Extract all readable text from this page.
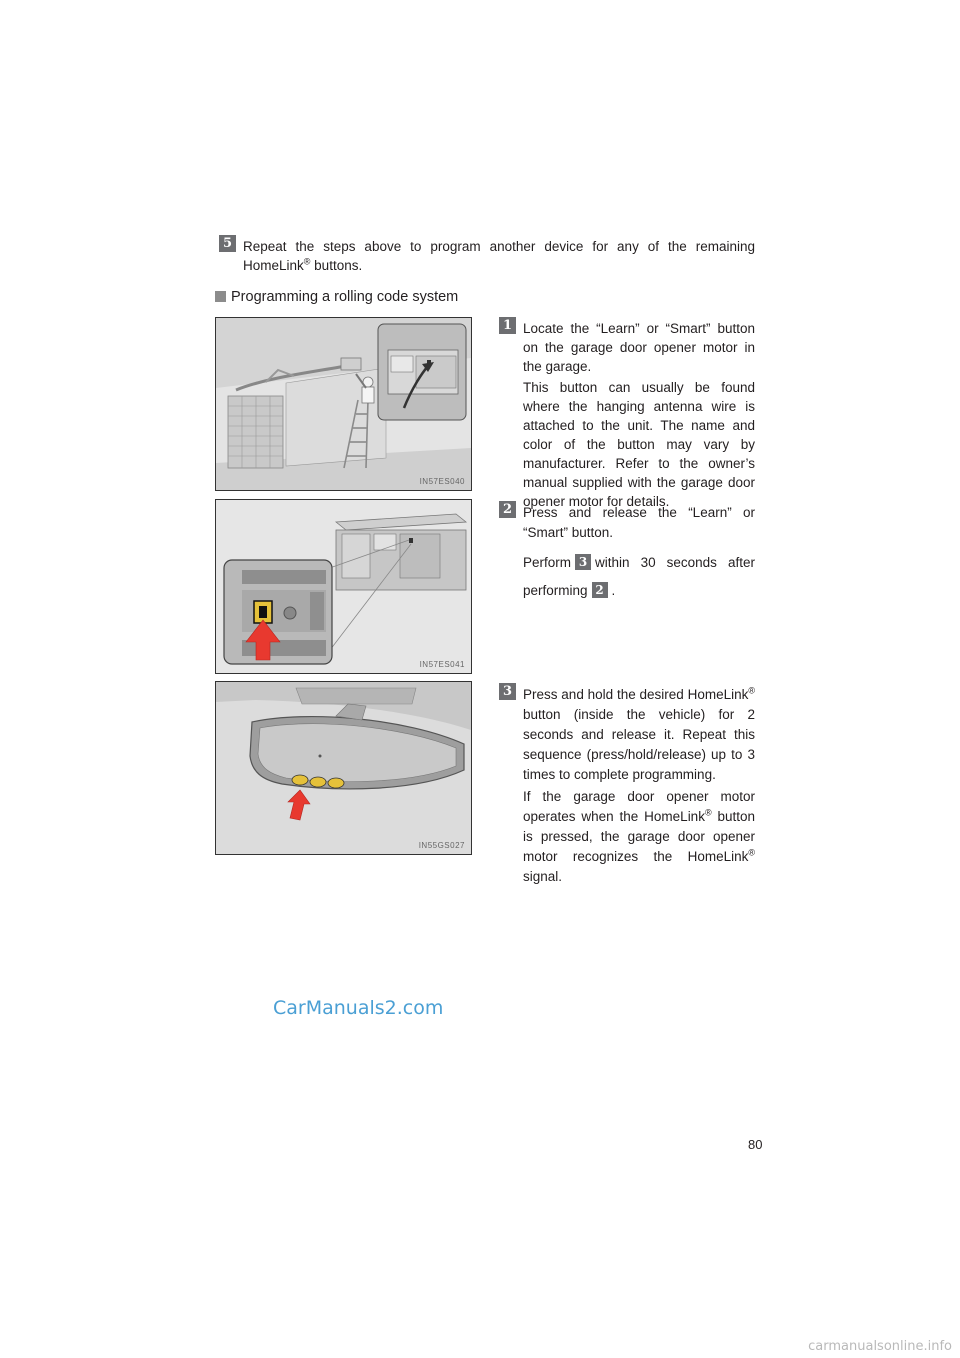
5 Repeat the steps above to program another device for any of the remaining HomeLink® buttons.

Programming a rolling code system
IN57ES040
1 Locate the “Learn” or “Smart” button on the garage door opener motor in the garage.

This button can usually be found where the hanging antenna wire is attached to the unit. The name and color of the button may vary by manufacturer. Refer to the owner’s manual supplied with the garage door opener motor for details.

IN57ES041
2 Press and release the “Learn” or “Smart” button.

Perform 3 within 30 seconds after performing 2 .

IN55GS027
3 Press and hold the desired HomeLink® button (inside the vehicle) for 2 seconds and release it. Repeat this sequence (press/hold/release) up to 3 times to complete programming.

If the garage door opener motor operates when the HomeLink® button is pressed, the garage door opener motor recognizes the HomeLink® signal.

CarManuals2.com
80
carmanualsonline.info
